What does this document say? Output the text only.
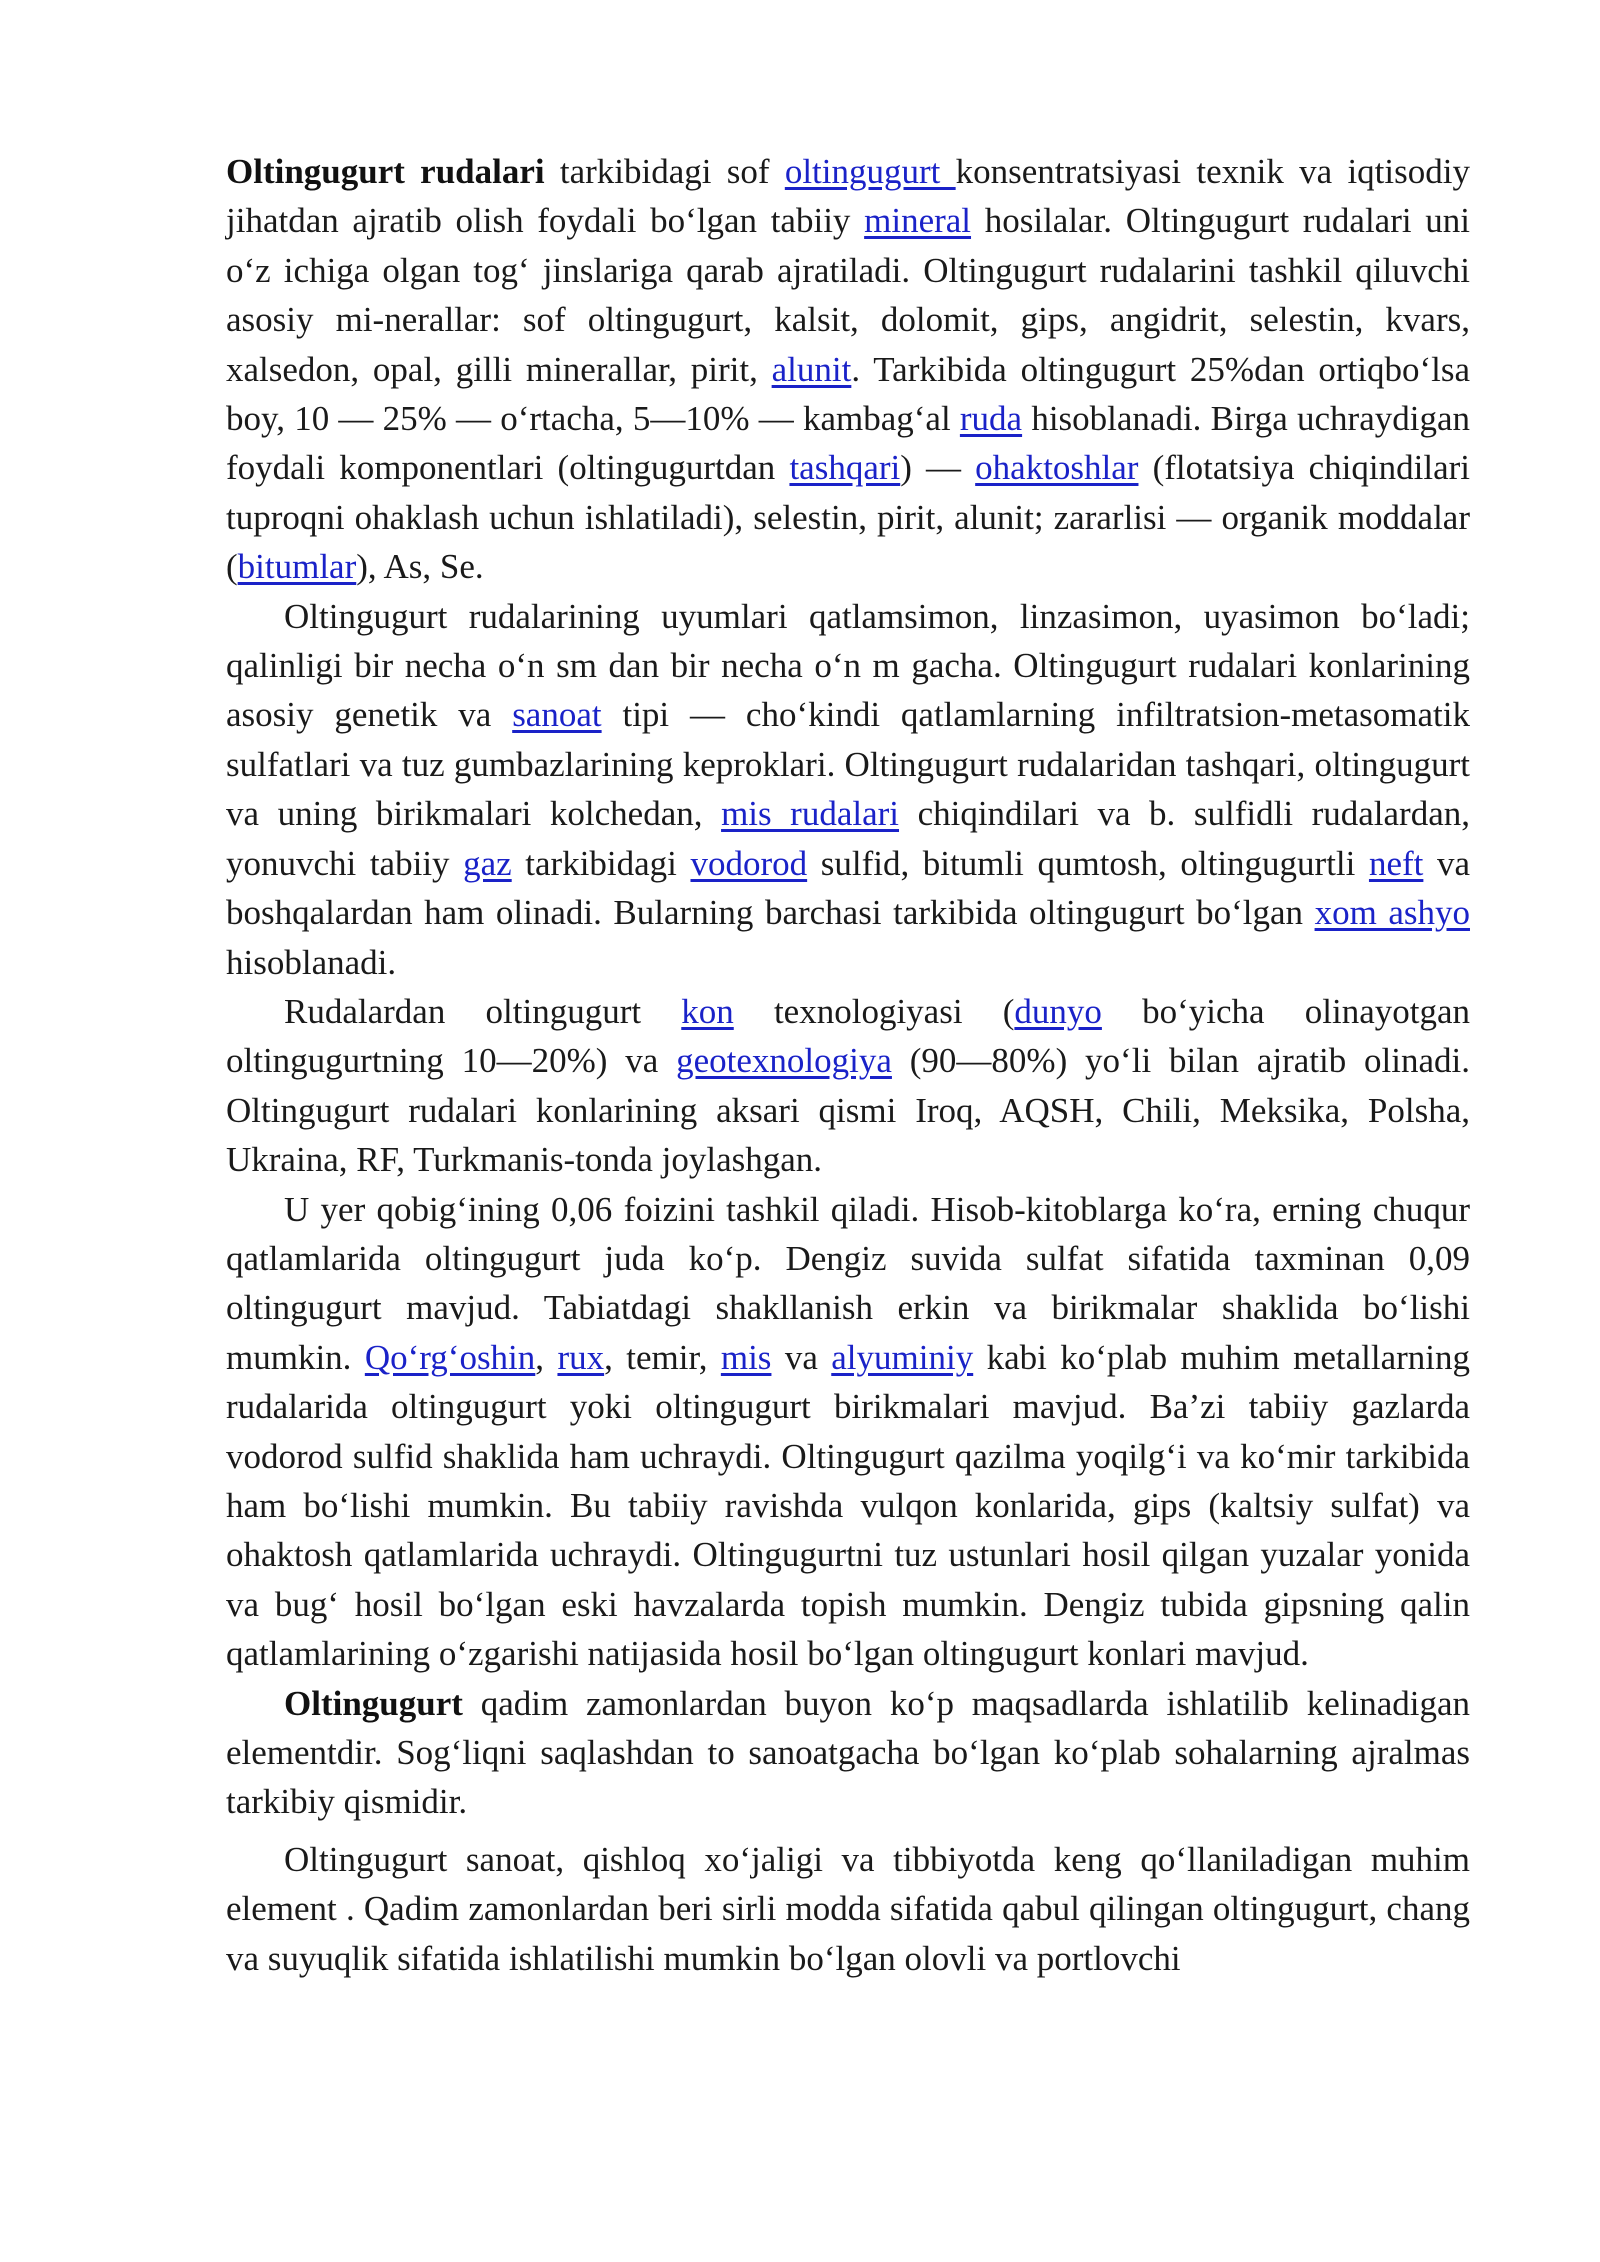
Oltingugurt rudalari tarkibidagi sof oltingugurt konsentratsiyasi texnik va iqtisodiy jihatdan ajratib olish foydali bo‘lgan tabiiy mineral hosilalar. Oltingugurt rudalari uni o‘z ichiga olgan tog‘ jinslariga qarab ajratiladi. Oltingugurt rudalarini tashkil qiluvchi asosiy mi-nerallar: sof oltingugurt, kalsit, dolomit, gips, angidrit, selestin, kvars, xalsedon, opal, gilli minerallar, pirit, alunit. Tarkibida oltingugurt 25%dan ortiqbo‘lsa boy, 10 — 25% — o‘rtacha, 5—10% — kambag‘al ruda hisoblanadi. Birga uchraydigan foydali komponentlari (oltingugurtdan tashqari) — ohaktoshlar (flotatsiya chiqindilari tuproqni ohaklash uchun ishlatiladi), selestin, pirit, alunit; zararlisi — organik moddalar (bitumlar), As, Se.

Oltingugurt rudalarining uyumlari qatlamsimon, linzasimon, uyasimon bo‘ladi; qalinligi bir necha o‘n sm dan bir necha o‘n m gacha. Oltingugurt rudalari konlarining asosiy genetik va sanoat tipi — cho‘kindi qatlamlarning infiltratsion-metasomatik sulfatlari va tuz gumbazlarining keproklari. Oltingugurt rudalaridan tashqari, oltingugurt va uning birikmalari kolchedan, mis rudalari chiqindilari va b. sulfidli rudalardan, yonuvchi tabiiy gaz tarkibidagi vodorod sulfid, bitumli qumtosh, oltingugurtli neft va boshqalardan ham olinadi. Bularning barchasi tarkibida oltingugurt bo‘lgan xom ashyo hisoblanadi.

Rudalardan oltingugurt kon texnologiyasi (dunyo bo‘yicha olinayotgan oltingugurtning 10—20%) va geotexnologiya (90—80%) yo‘li bilan ajratib olinadi. Oltingugurt rudalari konlarining aksari qismi Iroq, AQSH, Chili, Meksika, Polsha, Ukraina, RF, Turkmanis-tonda joylashgan.

U yer qobig‘ining 0,06 foizini tashkil qiladi. Hisob-kitoblarga ko‘ra, erning chuqur qatlamlarida oltingugurt juda ko‘p. Dengiz suvida sulfat sifatida taxminan 0,09 oltingugurt mavjud. Tabiatdagi shakllanish erkin va birikmalar shaklida bo‘lishi mumkin. Qo‘rg‘oshin, rux, temir, mis va alyuminiy kabi ko‘plab muhim metallarning rudalarida oltingugurt yoki oltingugurt birikmalari mavjud. Ba’zi tabiiy gazlarda vodorod sulfid shaklida ham uchraydi. Oltingugurt qazilma yoqilg‘i va ko‘mir tarkibida ham bo‘lishi mumkin. Bu tabiiy ravishda vulqon konlarida, gips (kaltsiy sulfat) va ohaktosh qatlamlarida uchraydi. Oltingugurtni tuz ustunlari hosil qilgan yuzalar yonida va bug‘ hosil bo‘lgan eski havzalarda topish mumkin. Dengiz tubida gipsning qalin qatlamlarining o‘zgarishi natijasida hosil bo‘lgan oltingugurt konlari mavjud.

Oltingugurt qadim zamonlardan buyon ko‘p maqsadlarda ishlatilib kelinadigan elementdir. Sog‘liqni saqlashdan to sanoatgacha bo‘lgan ko‘plab sohalarning ajralmas tarkibiy qismidir.

Oltingugurt sanoat, qishloq xo‘jaligi va tibbiyotda keng qo‘llaniladigan muhim element . Qadim zamonlardan beri sirli modda sifatida qabul qilingan oltingugurt, chang va suyuqlik sifatida ishlatilishi mumkin bo‘lgan olovli va portlovchi
